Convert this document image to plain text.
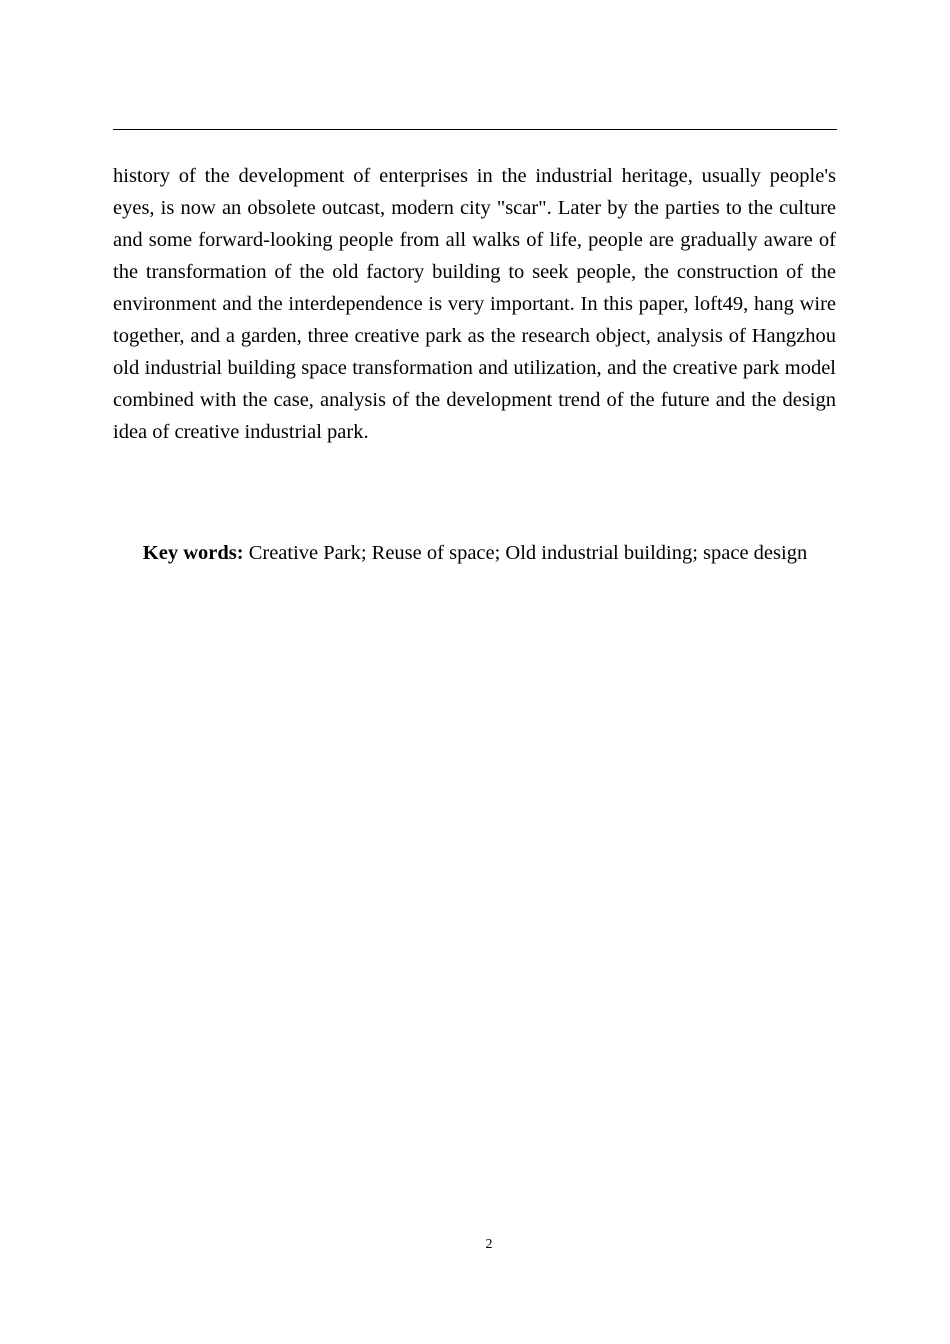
history of the development of enterprises in the industrial heritage, usually people's eyes, is now an obsolete outcast, modern city "scar". Later by the parties to the culture and some forward-looking people from all walks of life, people are gradually aware of the transformation of the old factory building to seek people, the construction of the environment and the interdependence is very important. In this paper, loft49, hang wire together, and a garden, three creative park as the research object, analysis of Hangzhou old industrial building space transformation and utilization, and the creative park model combined with the case, analysis of the development trend of the future and the design idea of creative industrial park.

Key words: Creative Park; Reuse of space; Old industrial building; space design

2
